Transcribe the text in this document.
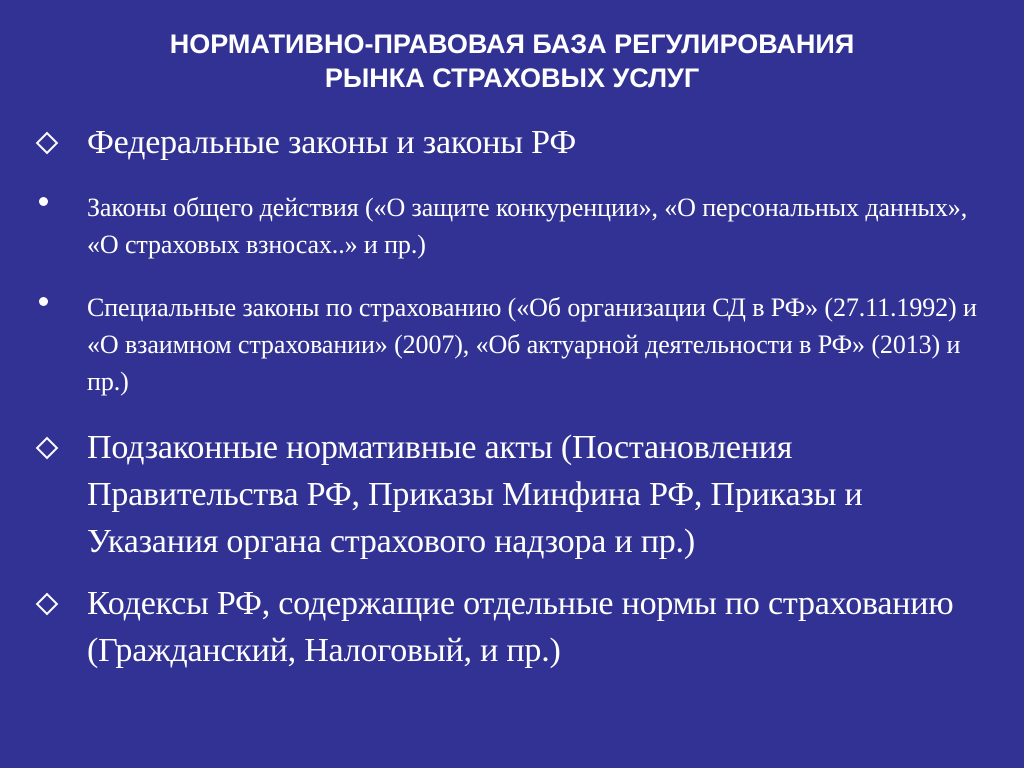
НОРМАТИВНО-ПРАВОВАЯ БАЗА РЕГУЛИРОВАНИЯ
РЫНКА СТРАХОВЫХ УСЛУГ
Федеральные законы и законы РФ
Законы общего действия («О защите конкуренции», «О персональных данных», «О страховых взносах..» и пр.)
Специальные законы по страхованию («Об организации СД в РФ» (27.11.1992) и «О взаимном страховании» (2007), «Об актуарной деятельности в РФ» (2013) и пр.)
Подзаконные нормативные акты (Постановления Правительства РФ, Приказы Минфина РФ, Приказы и Указания органа страхового надзора и пр.)
Кодексы РФ, содержащие отдельные нормы по страхованию (Гражданский, Налоговый, и пр.)
